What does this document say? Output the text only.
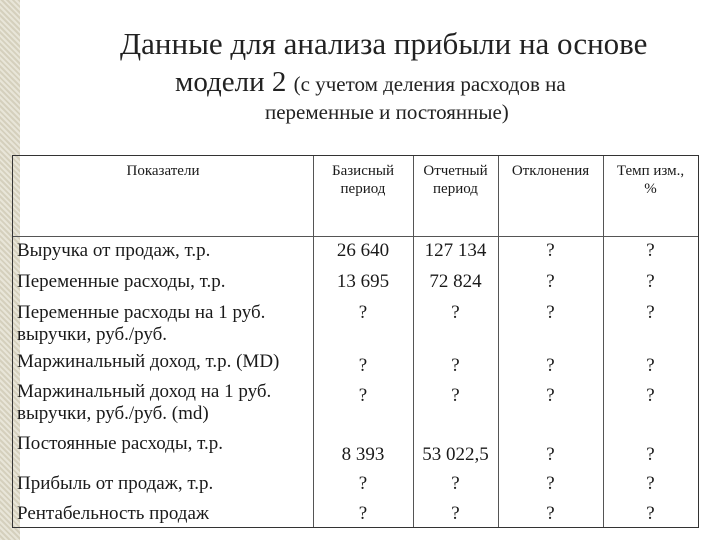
Данные для анализа прибыли на основе
модели 2 (с учетом деления расходов на
переменные и постоянные)
Показатели	Базисный
период
Отчетный
период
Отклонения	Темп изм.,
%
Выручка от продаж, т.р.
Переменные расходы, т.р.
Переменные расходы на 1 руб.
выручки, руб./руб.
Маржинальный доход, т.р. (MD)
Маржинальный доход на 1 руб.
выручки, руб./руб. (md)
Постоянные расходы, т.р.
Прибыль от продаж, т.р.
Рентабельность продаж
26 640
13 695
?
?
?
8 393
?
?
127 134
72 824
?
?
?
53 022,5
?
?
?
?
?
?
?
?
?
?
?
?
?
?
?
?
?
?
